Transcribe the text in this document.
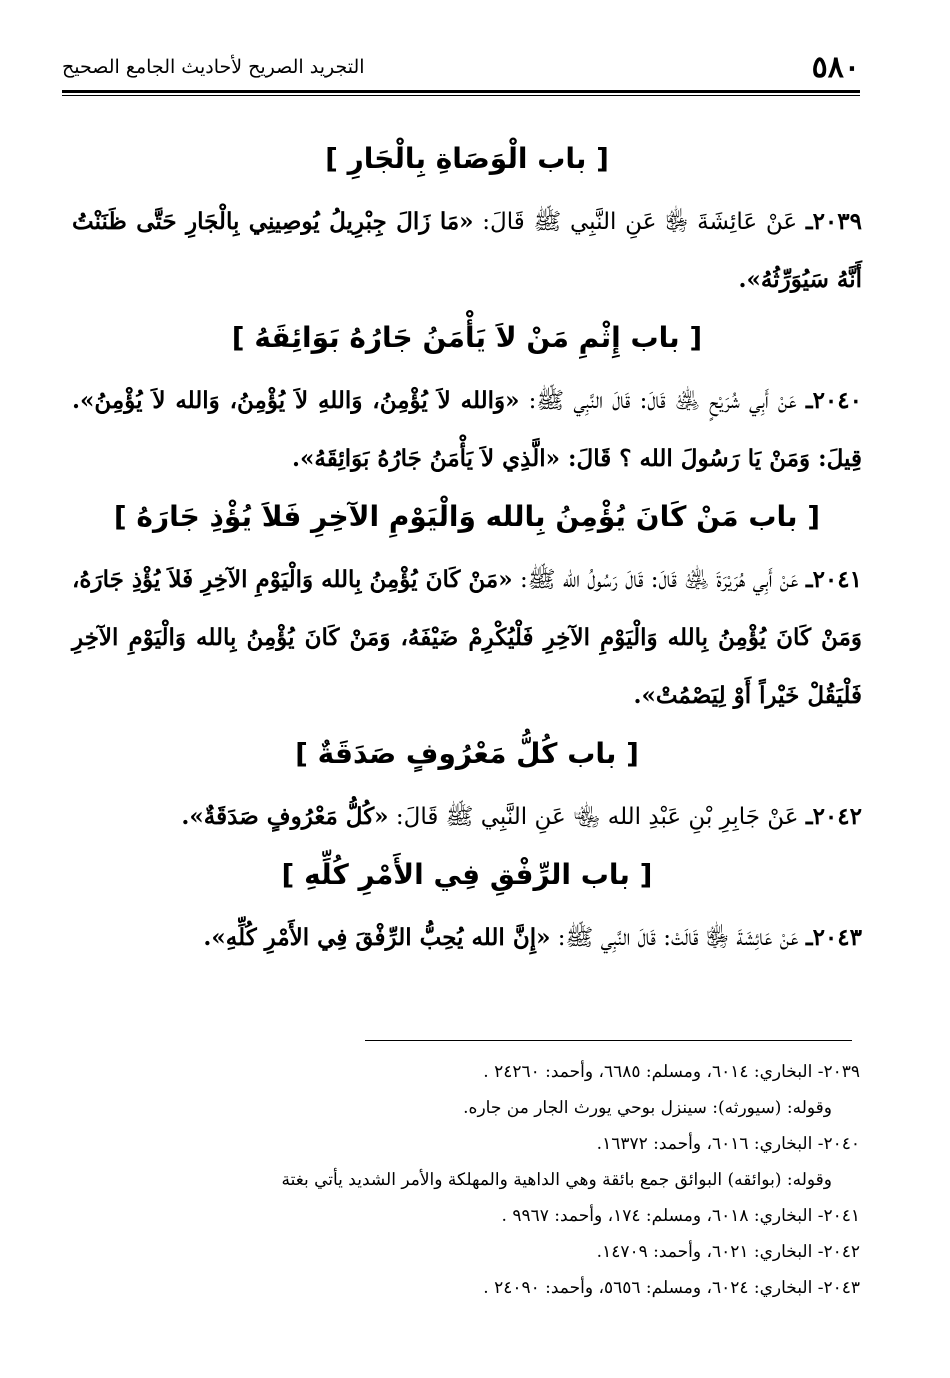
٥٨٠
التجريد الصريح لأحاديث الجامع الصحيح
[ باب الْوَصَاةِ بِالْجَارِ ]

٢٠٣٩ـ عَنْ عَائِشَةَ ﵂ عَنِ النَّبِي ﷺ قَالَ: «مَا زَالَ جِبْرِيلُ يُوصِينِي بِالْجَارِ حَتَّى ظَنَنْتُ أَنَّهُ سَيُوَرِّثُهُ».

[ باب إِثْمِ مَنْ لاَ يَأْمَنُ جَارُهُ بَوَائِقَهُ ]

٢٠٤٠ـ عَنْ أَبِي شُرَيْحٍ ﵁ قَالَ: قَالَ النَّبِي ﷺ: «وَالله لاَ يُؤْمِنُ، وَاللهِ لاَ يُؤْمِنُ، وَالله لاَ يُؤْمِنُ». قِيلَ: وَمَنْ يَا رَسُولَ الله ؟ قَالَ: «الَّذِي لاَ يَأْمَنُ جَارُهُ بَوَائِقَهُ».

[ باب مَنْ كَانَ يُؤْمِنُ بِالله وَالْيَوْمِ الآخِرِ فَلاَ يُؤْذِ جَارَهُ ]

٢٠٤١ـ عَنْ أَبِي هُرَيْرَةَ ﵁ قَالَ: قَالَ رَسُولُ الله ﷺ: «مَنْ كَانَ يُؤْمِنُ بِالله وَالْيَوْمِ الآخِرِ فَلاَ يُؤْذِ جَارَهُ، وَمَنْ كَانَ يُؤْمِنُ بِالله وَالْيَوْمِ الآخِرِ فَلْيُكْرِمْ ضَيْفَهُ، وَمَنْ كَانَ يُؤْمِنُ بِالله وَالْيَوْمِ الآخِرِ فَلْيَقُلْ خَيْراً أَوْ لِيَصْمُتْ».

[ باب كُلُّ مَعْرُوفٍ صَدَقَةٌ ]

٢٠٤٢ـ عَنْ جَابِرِ بْنِ عَبْدِ الله ﵄ عَنِ النَّبِي ﷺ قَالَ: «كُلُّ مَعْرُوفٍ صَدَقَةٌ».

[ باب الرِّفْقِ فِي الأَمْرِ كُلِّهِ ]

٢٠٤٣ـ عَنْ عَائِشَةَ ﵂ قَالَتْ: قَالَ النَّبِي ﷺ: «إِنَّ الله يُحِبُّ الرِّفْقَ فِي الأَمْرِ كُلِّهِ».

٢٠٣٩- البخاري: ٦٠١٤، ومسلم: ٦٦٨٥، وأحمد: ٢٤٢٦٠ .

وقوله: (سيورثه): سينزل بوحي يورث الجار من جاره.

٢٠٤٠- البخاري: ٦٠١٦، وأحمد: ١٦٣٧٢.

وقوله: (بوائقه) البوائق جمع بائقة وهي الداهية والمهلكة والأمر الشديد يأتي بغتة

٢٠٤١- البخاري: ٦٠١٨، ومسلم: ١٧٤، وأحمد: ٩٩٦٧ .

٢٠٤٢- البخاري: ٦٠٢١، وأحمد: ١٤٧٠٩.

٢٠٤٣- البخاري: ٦٠٢٤، ومسلم: ٥٦٥٦، وأحمد: ٢٤٠٩٠ .
